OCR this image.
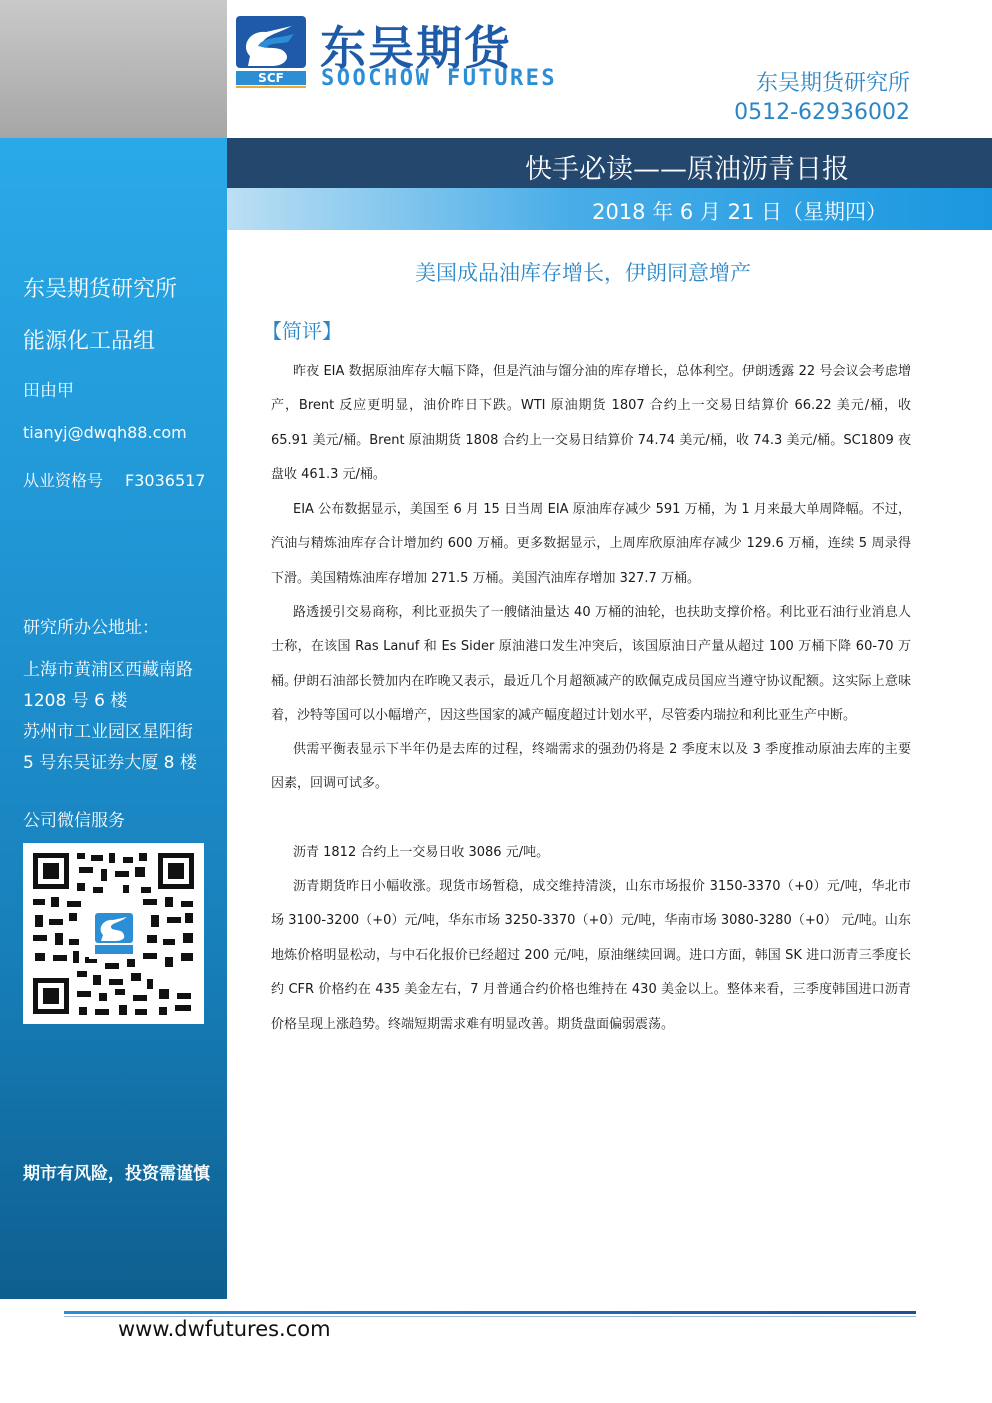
SCF
东吴期货
SOOCHOW FUTURES	东吴期货研究所
0512-62936002
快手必读——原油沥青日报
2018 年 6 月 21 日（星期四）
东吴期货研究所
能源化工品组
田由甲
tianyj@dwqh88.com
从业资格号 F3036517
研究所办公地址：
上海市黄浦区西藏南路
1208 号 6 楼
苏州市工业园区星阳街
5 号东吴证券大厦 8 楼
公司微信服务
期市有风险，投资需谨慎
美国成品油库存增长，伊朗同意增产
【简评】

昨夜 EIA 数据原油库存大幅下降，但是汽油与馏分油的库存增长，总体利空。伊朗透露 22 号会议会考虑增产，Brent 反应更明显，油价昨日下跌。WTI 原油期货 1807 合约上一交易日结算价 66.22 美元/桶，收 65.91 美元/桶。Brent 原油期货 1808 合约上一交易日结算价 74.74 美元/桶，收 74.3 美元/桶。SC1809 夜盘收 461.3 元/桶。

EIA 公布数据显示，美国至 6 月 15 日当周 EIA 原油库存减少 591 万桶，为 1 月来最大单周降幅。不过，汽油与精炼油库存合计增加约 600 万桶。更多数据显示，上周库欣原油库存减少 129.6 万桶，连续 5 周录得下滑。美国精炼油库存增加 271.5 万桶。美国汽油库存增加 327.7 万桶。

路透援引交易商称，利比亚损失了一艘储油量达 40 万桶的油轮，也扶助支撑价格。利比亚石油行业消息人士称，在该国 Ras Lanuf 和 Es Sider 原油港口发生冲突后，该国原油日产量从超过 100 万桶下降 60-70 万桶。

伊朗石油部长赞加内在昨晚又表示，最近几个月超额减产的欧佩克成员国应当遵守协议配额。这实际上意味着，沙特等国可以小幅增产，因这些国家的减产幅度超过计划水平，尽管委内瑞拉和利比亚生产中断。

供需平衡表显示下半年仍是去库的过程，终端需求的强劲仍将是 2 季度末以及 3 季度推动原油去库的主要因素，回调可试多。

沥青 1812 合约上一交易日收 3086 元/吨。

沥青期货昨日小幅收涨。现货市场暂稳，成交维持清淡，山东市场报价 3150-3370（+0）元/吨，华北市场 3100-3200（+0）元/吨，华东市场 3250-3370（+0）元/吨，华南市场 3080-3280（+0） 元/吨。山东地炼价格明显松动，与中石化报价已经超过 200 元/吨，原油继续回调。进口方面，韩国 SK 进口沥青三季度长约 CFR 价格约在 435 美金左右，7 月普通合约价格也维持在 430 美金以上。整体来看，三季度韩国进口沥青价格呈现上涨趋势。终端短期需求难有明显改善。期货盘面偏弱震荡。

www.dwfutures.com
